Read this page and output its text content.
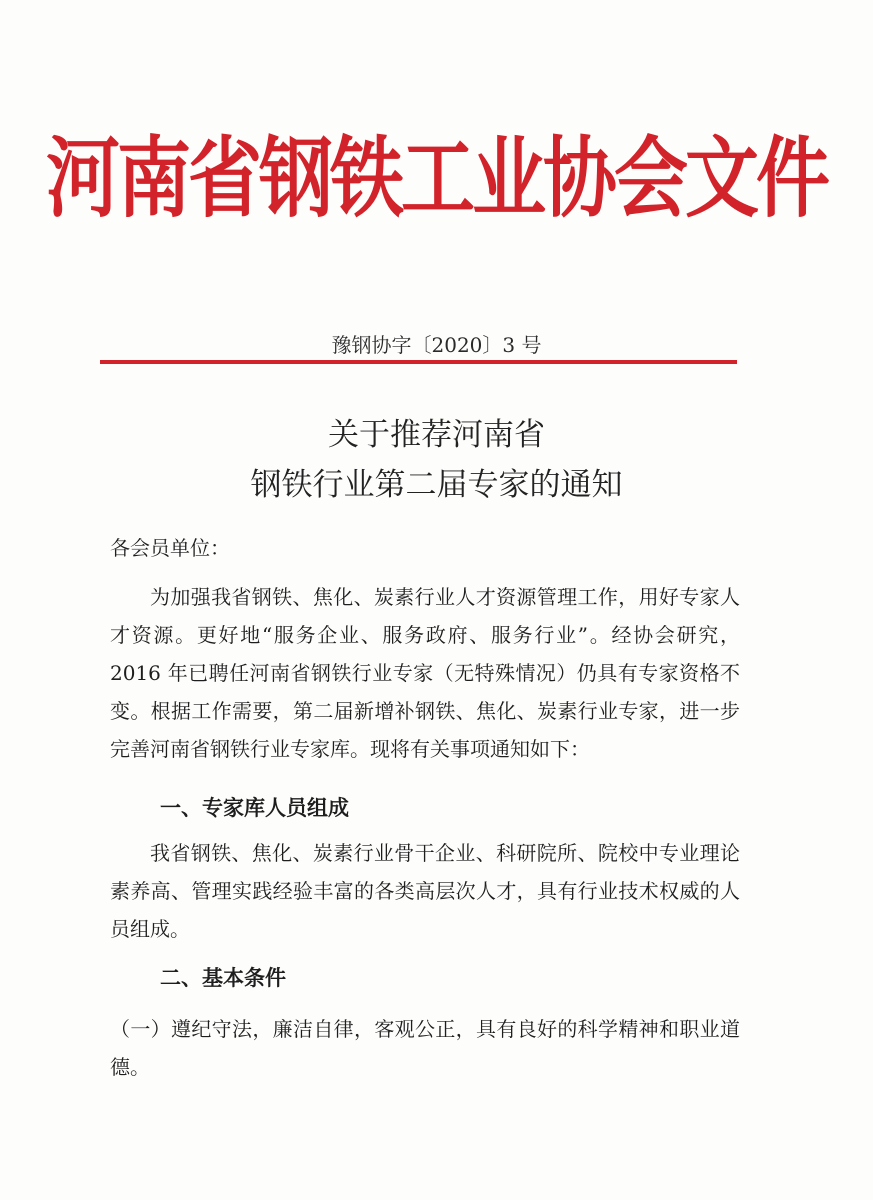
河南省钢铁工业协会文件
豫钢协字〔2020〕3 号
关于推荐河南省
钢铁行业第二届专家的通知
各会员单位：

为加强我省钢铁、焦化、炭素行业人才资源管理工作，用好专家人才资源。更好地“服务企业、服务政府、服务行业”。经协会研究，2016 年已聘任河南省钢铁行业专家（无特殊情况）仍具有专家资格不变。根据工作需要，第二届新增补钢铁、焦化、炭素行业专家，进一步完善河南省钢铁行业专家库。现将有关事项通知如下：

一、专家库人员组成

我省钢铁、焦化、炭素行业骨干企业、科研院所、院校中专业理论素养高、管理实践经验丰富的各类高层次人才，具有行业技术权威的人员组成。

二、基本条件

（一）遵纪守法，廉洁自律，客观公正，具有良好的科学精神和职业道德。
